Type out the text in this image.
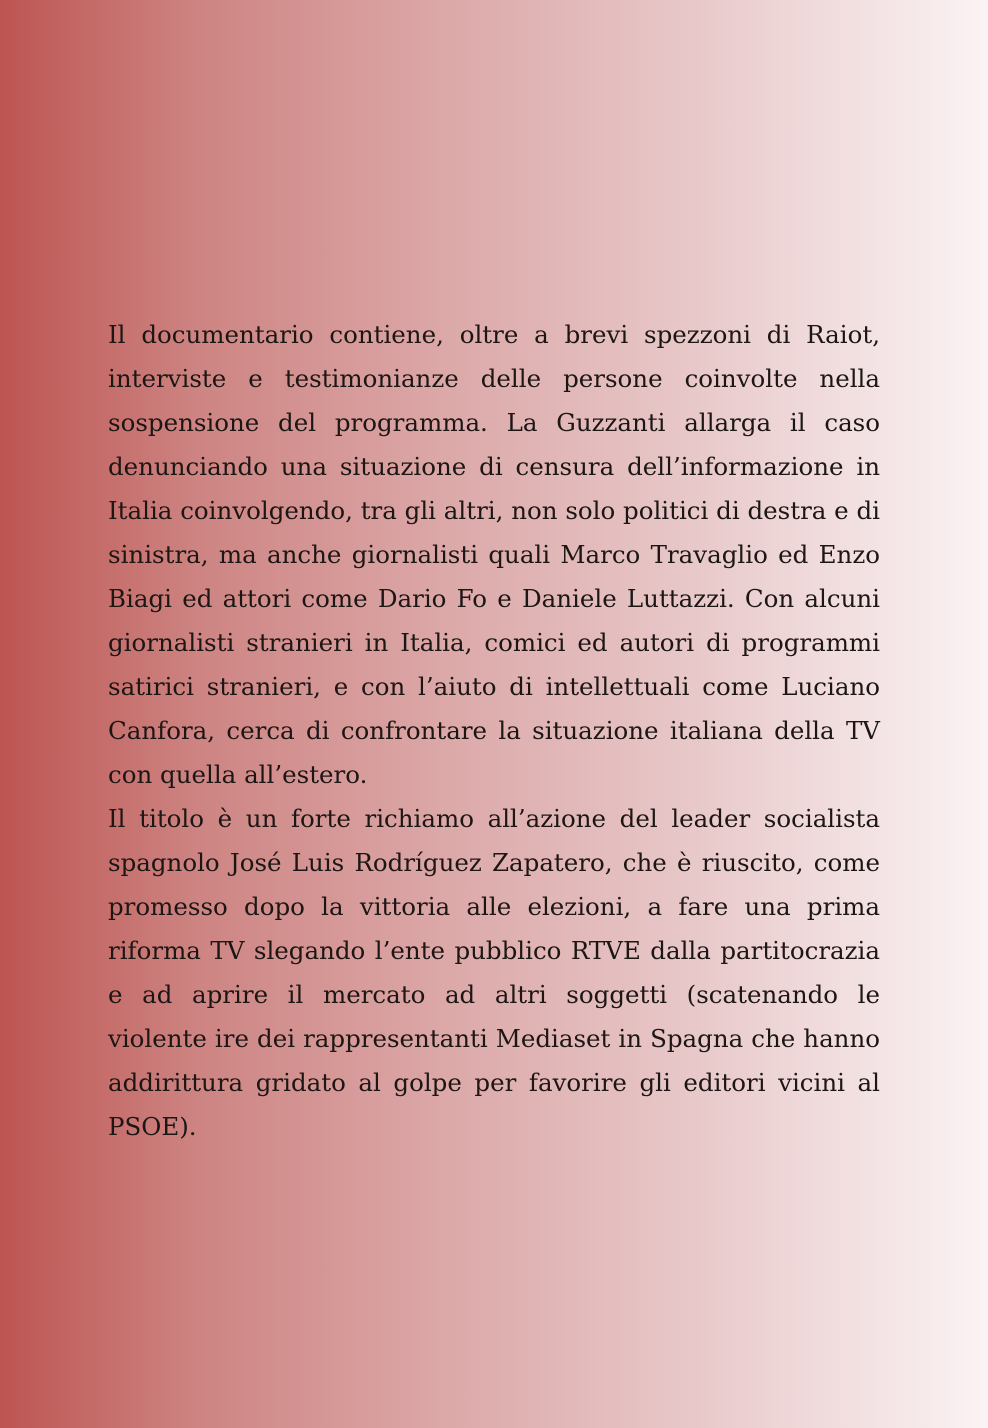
Il documentario contiene, oltre a brevi spezzoni di Raiot, interviste e testimonianze delle persone coinvolte nella sospensione del programma. La Guzzanti allarga il caso denunciando una situazione di censura dell’informazione in Italia coinvolgendo, tra gli altri, non solo politici di destra e di sinistra, ma anche giornalisti quali Marco Travaglio ed Enzo Biagi ed attori come Dario Fo e Daniele Luttazzi. Con alcuni giornalisti stranieri in Italia, comici ed autori di programmi satirici stranieri, e con l’aiuto di intellettuali come Luciano Canfora, cerca di confrontare la situazione italiana della TV con quella all’estero.

Il titolo è un forte richiamo all’azione del leader socialista spagnolo José Luis Rodríguez Zapatero, che è riuscito, come promesso dopo la vittoria alle elezioni, a fare una prima riforma TV slegando l’ente pubblico RTVE dalla partitocrazia e ad aprire il mercato ad altri soggetti (scatenando le violente ire dei rappresentanti Mediaset in Spagna che hanno addirittura gridato al golpe per favorire gli editori vicini al PSOE).
